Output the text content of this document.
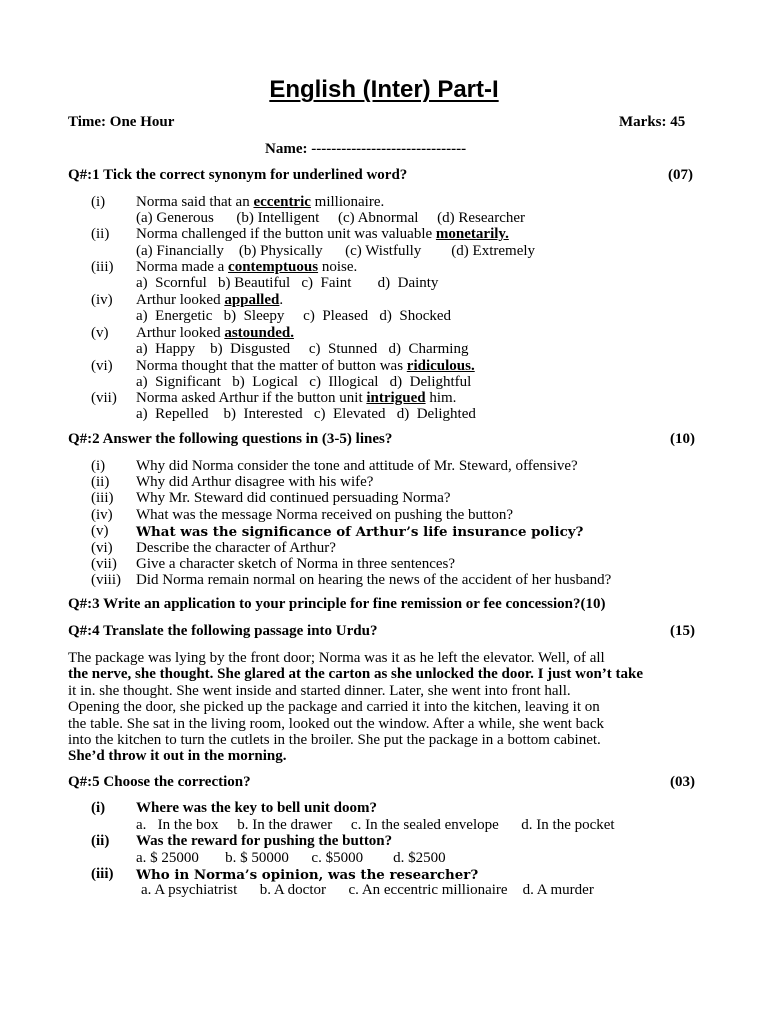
English (Inter) Part-I
Time: One Hour	Marks: 45
Name: -------------------------------
Q#:1 Tick the correct synonym for underlined word?	(07)
(i) Norma said that an eccentric millionaire.
(a) Generous      (b) Intelligent     (c) Abnormal     (d) Researcher
(ii) Norma challenged if the button unit was valuable monetarily.
(a) Financially    (b) Physically      (c) Wistfully        (d) Extremely
(iii) Norma made a contemptuous noise.
a)  Scornful   b) Beautiful   c)  Faint       d)  Dainty
(iv) Arthur looked appalled.
a)  Energetic   b)  Sleepy     c)  Pleased   d)  Shocked
(v) Arthur looked astounded.
a)  Happy    b)  Disgusted     c)  Stunned   d)  Charming
(vi) Norma thought that the matter of button was ridiculous.
a)  Significant   b)  Logical   c)  Illogical   d)  Delightful
(vii) Norma asked Arthur if the button unit intrigued him.
a)  Repelled    b)  Interested   c)  Elevated   d)  Delighted
Q#:2 Answer the following questions in (3-5) lines?	(10)
(i) Why did Norma consider the tone and attitude of Mr. Steward, offensive?
(ii) Why did Arthur disagree with his wife?
(iii) Why Mr. Steward did continued persuading Norma?
(iv) What was the message Norma received on pushing the button?
(v) What was the significance of Arthur’s life insurance policy?
(vi) Describe the character of Arthur?
(vii) Give a character sketch of Norma in three sentences?
(viii) Did Norma remain normal on hearing the news of the accident of her husband?
Q#:3 Write an application to your principle for fine remission or fee concession?(10)
Q#:4 Translate the following passage into Urdu?	(15)
The package was lying by the front door; Norma was it as he left the elevator. Well, of all
the nerve, she thought. She glared at the carton as she unlocked the door. I just won’t take
it in. she thought. She went inside and started dinner. Later, she went into front hall.
Opening the door, she picked up the package and carried it into the kitchen, leaving it on
the table. She sat in the living room, looked out the window. After a while, she went back
into the kitchen to turn the cutlets in the broiler. She put the package in a bottom cabinet.
She’d throw it out in the morning.
Q#:5 Choose the correction?	(03)
(i) Where was the key to bell unit doom?
a.   In the box     b. In the drawer     c. In the sealed envelope      d. In the pocket
(ii) Was the reward for pushing the button?
a. $ 25000       b. $ 50000      c. $5000        d. $2500
(iii) Who in Norma’s opinion, was the researcher?
a. A psychiatrist      b. A doctor      c. An eccentric millionaire    d. A murder
